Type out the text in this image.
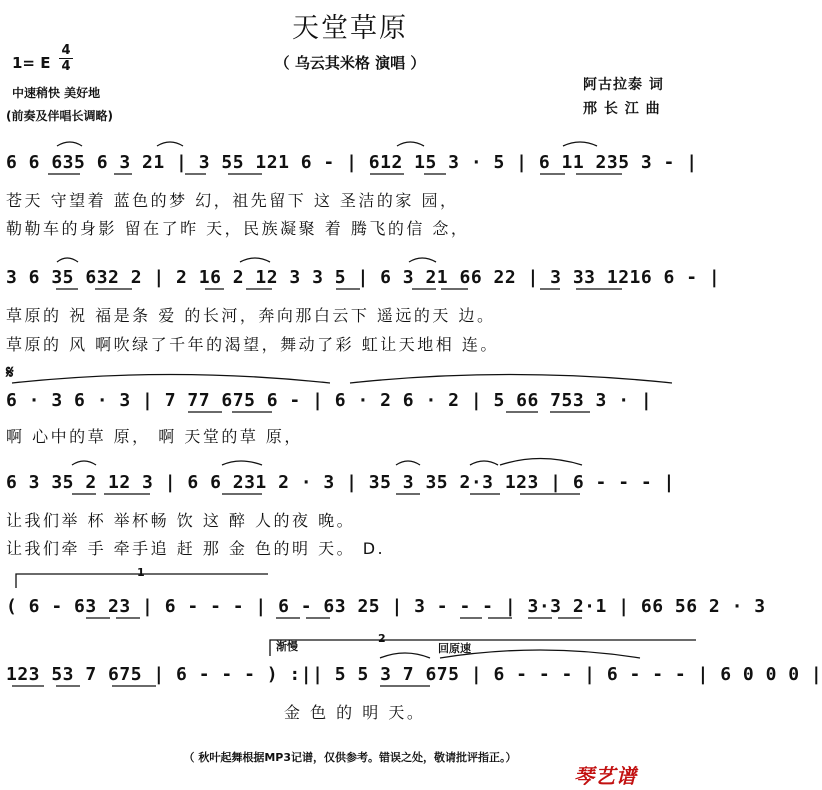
天堂草原
（ 乌云其米格 演唱 ）
1= E
4
4
中速稍快 美好地
(前奏及伴唱长调略)
阿古拉泰 词
邢 长 江 曲
6 6 635 6 3 21 | 3 55 121 6 - | 612 15 3 · 5 | 6 11 235 3 - |
苍天 守望着 蓝色的梦 幻，祖先留下 这 圣洁的家 园，
勒勒车的身影 留在了昨 天，民族凝聚 着 腾飞的信 念，
3 6 35 632 2 | 2 16 2 12 3 3 5 | 6 3 21 66 22 | 3 33 1216 6 - |
草原的 祝 福是条 爱 的长河，奔向那白云下 遥远的天 边。
草原的 风 啊吹绿了千年的渴望，舞动了彩 虹让天地相 连。
𝄋
6 · 3 6 · 3 | 7 77 675 6 - | 6 · 2 6 · 2 | 5 66 753 3 · |
啊 心中的草 原， 啊 天堂的草 原，
6 3 35 2 12 3 | 6 6 231 2 · 3 | 35 3 35 2·3 123 | 6 - - - |
让我们举 杯 举杯畅 饮 这 醉 人的夜 晚。
让我们牵 手 牵手追 赶 那 金 色的明 天。 D.
1
( 6 - 63 23 | 6 - - - | 6 - 63 25 | 3 - - - | 3·3 2·1 | 66 56 2 · 3
渐慢
2
回原速
123 53 7 675 | 6 - - - ) :|| 5 5 3 7 675 | 6 - - - | 6 - - - | 6 0 0 0 |
金 色 的 明 天。
（ 秋叶起舞根据MP3记谱，仅供参考。错误之处，敬请批评指正。）
琴艺谱
